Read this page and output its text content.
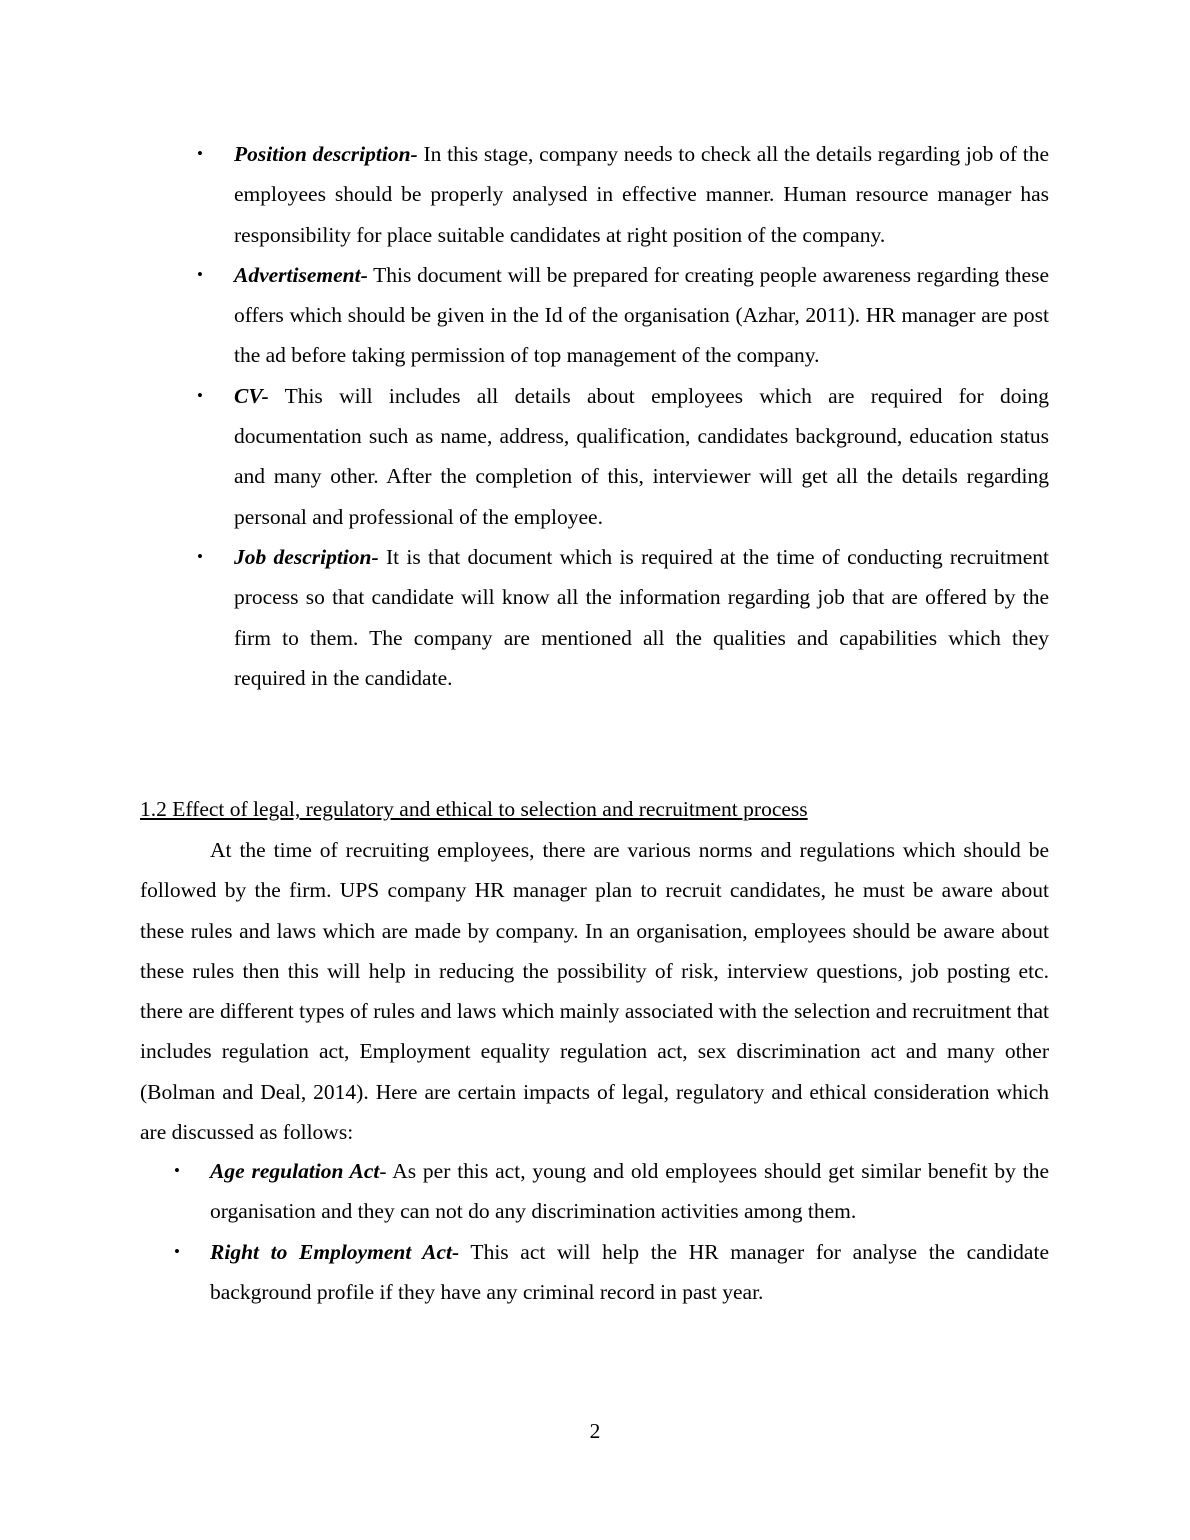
• Position description- In this stage, company needs to check all the details regarding job of the employees should be properly analysed in effective manner. Human resource manager has responsibility for place suitable candidates at right position of the company.
• Advertisement- This document will be prepared for creating people awareness regarding these offers which should be given in the Id of the organisation (Azhar, 2011). HR manager are post the ad before taking permission of top management of the company.
• CV- This will includes all details about employees which are required for doing documentation such as name, address, qualification, candidates background, education status and many other. After the completion of this, interviewer will get all the details regarding personal and professional of the employee.
• Job description- It is that document which is required at the time of conducting recruitment process so that candidate will know all the information regarding job that are offered by the firm to them. The company are mentioned all the qualities and capabilities which they required in the candidate.
1.2 Effect of legal, regulatory and ethical to selection and recruitment process

At the time of recruiting employees, there are various norms and regulations which should be followed by the firm. UPS company HR manager plan to recruit candidates, he must be aware about these rules and laws which are made by company. In an organisation, employees should be aware about these rules then this will help in reducing the possibility of risk, interview questions, job posting etc. there are different types of rules and laws which mainly associated with the selection and recruitment that includes regulation act, Employment equality regulation act, sex discrimination act and many other (Bolman and Deal, 2014). Here are certain impacts of legal, regulatory and ethical consideration which are discussed as follows:

• Age regulation Act- As per this act, young and old employees should get similar benefit by the organisation and they can not do any discrimination activities among them.
• Right to Employment Act- This act will help the HR manager for analyse the candidate background profile if they have any criminal record in past year.
2
